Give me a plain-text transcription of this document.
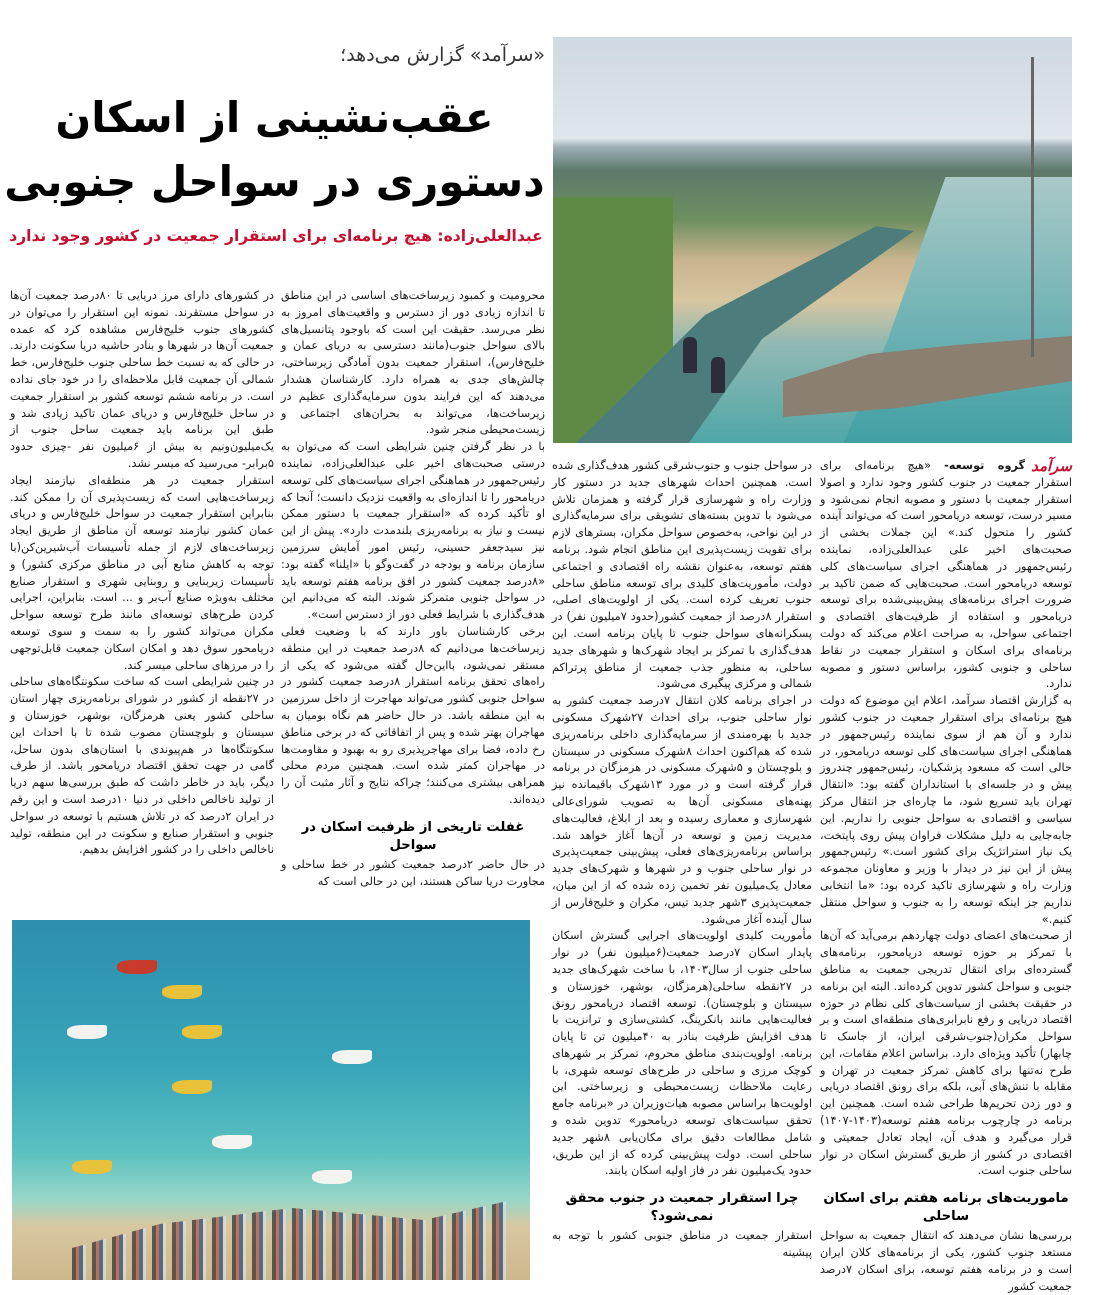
«سرآمد» گزارش می‌دهد؛
عقب‌نشینی از اسکان
دستوری در سواحل جنوبی
عبدالعلی‌زاده: هیچ برنامه‌ای برای استقرار جمعیت در کشور وجود ندارد

در کشورهای دارای مرز دریایی تا ۸۰درصد جمعیت آن‌ها در سواحل مستقرند. نمونه این استقرار را می‌توان در کشورهای جنوب خلیج‌فارس مشاهده کرد که عمده جمعیت آن‌ها در شهرها و بنادر حاشیه دریا سکونت دارند. در حالی که به نسبت خط ساحلی جنوب خلیج‌فارس، خط شمالی آن جمعیت قابل ملاحظه‌ای را در خود جای نداده است. در برنامه ششم توسعه کشور بر استقرار جمعیت در ساحل خلیج‌فارس و دریای عمان تاکید زیادی شد و طبق این برنامه باید جمعیت ساحل جنوب از یک‌میلیون‌ونیم به بیش از ۶میلیون نفر -چیزی حدود ۵برابر- می‌رسید که میسر نشد.

استقرار جمعیت در هر منطقه‌ای نیازمند ایجاد زیرساخت‌هایی است که زیست‌پذیری آن را ممکن کند. بنابراین استقرار جمعیت در سواحل خلیج‌فارس و دریای عمان کشور نیازمند توسعه آن مناطق از طریق ایجاد زیرساخت‌های لازم از جمله تأسیسات آب‌شیرین‌کن(با توجه به کاهش منابع آبی در مناطق مرکزی کشور) و تأسیسات زیربنایی و روبنایی شهری و استقرار صنایع مختلف به‌ویژه صنایع آب‌بر و ... است. بنابراین، اجرایی کردن طرح‌های توسعه‌ای مانند طرح توسعه سواحل مکران می‌تواند کشور را به سمت و سوی توسعه دریامحور سوق دهد و امکان اسکان جمعیت قابل‌توجهی را در مرزهای ساحلی میسر کند.

در چنین شرایطی است که ساخت سکونتگاه‌های ساحلی در ۲۷نقطه از کشور در شورای برنامه‌ریزی چهار استان ساحلی کشور یعنی هرمزگان، بوشهر، خوزستان و سیستان و بلوچستان مصوب شده تا با احداث این سکونتگاه‌ها در هم‌پیوندی با استان‌های بدون ساحل، گامی در جهت تحقق اقتصاد دریامحور باشد. از طرف دیگر، باید در خاطر داشت که طبق بررسی‌ها سهم دریا از تولید ناخالص داخلی در دنیا ۱۰درصد است و این رقم در ایران ۲درصد که در تلاش هستیم با توسعه در سواحل جنوبی و استقرار صنایع و سکونت در این منطقه، تولید ناخالص داخلی را در کشور افزایش بدهیم.

محرومیت و کمبود زیرساخت‌های اساسی در این مناطق تا اندازه زیادی دور از دسترس و واقعیت‌های امروز به نظر می‌رسد. حقیقت این است که باوجود پتانسیل‌های بالای سواحل جنوب(مانند دسترسی به دریای عمان و خلیج‌فارس)، استقرار جمعیت بدون آمادگی زیرساختی، چالش‌های جدی به همراه دارد. کارشناسان هشدار می‌دهند که این فرایند بدون سرمایه‌گذاری عظیم در زیرساخت‌ها، می‌تواند به بحران‌های اجتماعی و زیست‌محیطی منجر شود.

با در نظر گرفتن چنین شرایطی است که می‌توان به درستی صحبت‌های اخیر علی عبدالعلی‌زاده، نماینده رئیس‌جمهور در هماهنگی اجرای سیاست‌های کلی توسعه دریامحور را تا اندازه‌ای به واقعیت نزدیک دانست؛ آنجا که او تأکید کرده که «استقرار جمعیت با دستور ممکن نیست و نیاز به برنامه‌ریزی بلندمدت دارد». پیش از این نیز سیدجعفر حسینی، رئیس امور آمایش سرزمین سازمان برنامه و بودجه در گفت‌وگو با «ایلنا» گفته بود: «۸درصد جمعیت کشور در افق برنامه هفتم توسعه باید در سواحل جنوبی متمرکز شوند. البته که می‌دانیم این هدف‌گذاری با شرایط فعلی دور از دسترس است».

برخی کارشناسان باور دارند که با وضعیت فعلی زیرساخت‌ها می‌دانیم که ۸درصد جمعیت در این منطقه مستقر نمی‌شود، بااین‌حال گفته می‌شود که یکی از راه‌های تحقق برنامه استقرار ۸درصد جمعیت کشور در سواحل جنوبی کشور می‌تواند مهاجرت از داخل سرزمین به این منطقه باشد. در حال حاضر هم نگاه بومیان به مهاجران بهتر شده و پس از اتفاقاتی که در برخی مناطق رخ داده، فضا برای مهاجرپذیری رو به بهبود و مقاومت‌ها در مهاجران کمتر شده است. همچنین مردم محلی همراهی بیشتری می‌کنند؛ چراکه نتایج و آثار مثبت آن را دیده‌اند.

غفلت تاریخی از ظرفیت اسکان در سواحل

در حال حاضر ۲درصد جمعیت کشور در خط ساحلی و مجاورت دریا ساکن هستند، این در حالی است که

در سواحل جنوب و جنوب‌شرقی کشور هدف‌گذاری شده است. همچنین احداث شهرهای جدید در دستور کار وزارت راه و شهرسازی قرار گرفته و همزمان تلاش می‌شود با تدوین بسته‌های تشویقی برای سرمایه‌گذاری در این نواحی، به‌خصوص سواحل مکران، بسترهای لازم برای تقویت زیست‌پذیری این مناطق انجام شود. برنامه هفتم توسعه، به‌عنوان نقشه راه اقتصادی و اجتماعی دولت، مأموریت‌های کلیدی برای توسعه مناطق ساحلی جنوب تعریف کرده است. یکی از اولویت‌های اصلی، استقرار ۸درصد از جمعیت کشور(حدود ۷میلیون نفر) در پسکرانه‌های سواحل جنوب تا پایان برنامه است. این هدف‌گذاری با تمرکز بر ایجاد شهرک‌ها و شهرهای جدید ساحلی، به منظور جذب جمعیت از مناطق پرتراکم شمالی و مرکزی پیگیری می‌شود.

در اجرای برنامه کلان انتقال ۷درصد جمعیت کشور به نوار ساحلی جنوب، برای احداث ۲۷شهرک مسکونی جدید با بهره‌مندی از سرمایه‌گذاری داخلی برنامه‌ریزی شده که هم‌اکنون احداث ۸شهرک مسکونی در سیستان و بلوچستان و ۵شهرک مسکونی در هرمزگان در برنامه قرار گرفته است و در مورد ۱۳شهرک باقیمانده نیز پهنه‌های مسکونی آن‌ها به تصویب شورای‌عالی شهرسازی و معماری رسیده و بعد از ابلاغ، فعالیت‌های مدیریت زمین و توسعه در آن‌ها آغاز خواهد شد. براساس برنامه‌ریزی‌های فعلی، پیش‌بینی جمعیت‌پذیری در نوار ساحلی جنوب و در شهرها و شهرک‌های جدید معادل یک‌میلیون نفر تخمین زده شده که از این میان، جمعیت‌پذیری ۳شهر جدید تیس، مکران و خلیج‌فارس از سال آینده آغاز می‌شود.

مأموریت کلیدی اولویت‌های اجرایی گسترش اسکان پایدار اسکان ۷درصد جمعیت(۶میلیون نفر) در نوار ساحلی جنوب از سال۱۴۰۳، با ساخت شهرک‌های جدید در ۲۷نقطه ساحلی(هرمزگان، بوشهر، خوزستان و سیستان و بلوچستان). توسعه اقتصاد دریامحور رونق فعالیت‌هایی مانند بانکرینگ، کشتی‌سازی و ترانزیت با هدف افزایش ظرفیت بنادر به ۴۰میلیون تن تا پایان برنامه. اولویت‌بندی مناطق محروم، تمرکز بر شهرهای کوچک مرزی و ساحلی در طرح‌های توسعه شهری، با رعایت ملاحظات زیست‌محیطی و زیرساختی. این اولویت‌ها براساس مصوبه هیات‌وزیران در «برنامه جامع تحقق سیاست‌های توسعه دریامحور» تدوین شده و شامل مطالعات دقیق برای مکان‌یابی ۸شهر جدید ساحلی است. دولت پیش‌بینی کرده که از این طریق، حدود یک‌میلیون نفر در فاز اولیه اسکان یابند.

چرا استقرار جمعیت در جنوب محقق نمی‌شود؟

استقرار جمعیت در مناطق جنوبی کشور با توجه به پیشینه

سرآمد
گروه توسعه- «هیچ برنامه‌ای برای استقرار جمعیت در جنوب کشور وجود ندارد و اصولا استقرار جمعیت با دستور و مصوبه انجام نمی‌شود و مسیر درست، توسعه دریامحور است که می‌تواند آینده کشور را متحول کند.» این جملات بخشی از صحبت‌های اخیر علی عبدالعلی‌زاده، نماینده رئیس‌جمهور در هماهنگی اجرای سیاست‌های کلی توسعه دریامحور است. صحبت‌هایی که ضمن تاکید بر ضرورت اجرای برنامه‌های پیش‌بینی‌شده برای توسعه دریامحور و استفاده از ظرفیت‌های اقتصادی و اجتماعی سواحل، به صراحت اعلام می‌کند که دولت برنامه‌ای برای اسکان و استقرار جمعیت در نقاط ساحلی و جنوبی کشور، براساس دستور و مصوبه ندارد.

به گزارش اقتصاد سرآمد، اعلام این موضوع که دولت هیچ برنامه‌ای برای استقرار جمعیت در جنوب کشور ندارد و آن هم از سوی نماینده رئیس‌جمهور در هماهنگی اجرای سیاست‌های کلی توسعه دریامحور، در حالی است که مسعود پزشکیان، رئیس‌جمهور چندروز پیش و در جلسه‌ای با استانداران گفته بود: «انتقال تهران باید تسریع شود، ما چاره‌ای جز انتقال مرکز سیاسی و اقتصادی به سواحل جنوبی را نداریم. این جابه‌جایی به دلیل مشکلات فراوان پیش روی پایتخت، یک نیاز استراتژیک برای کشور است.» رئیس‌جمهور پیش از این نیز در دیدار با وزیر و معاونان مجموعه وزارت راه و شهرسازی تاکید کرده بود: «ما انتخابی نداریم جز اینکه توسعه را به جنوب و سواحل منتقل کنیم.»

از صحبت‌های اعضای دولت چهاردهم برمی‌آید که آن‌ها با تمرکز بر حوزه توسعه دریامحور، برنامه‌های گسترده‌ای برای انتقال تدریجی جمعیت به مناطق جنوبی و سواحل کشور تدوین کرده‌اند. البته این برنامه در حقیقت بخشی از سیاست‌های کلی نظام در حوزه اقتصاد دریایی و رفع نابرابری‌های منطقه‌ای است و بر سواحل مکران(جنوب‌شرقی ایران، از جاسک تا چابهار) تأکید ویژه‌ای دارد. براساس اعلام مقامات، این طرح نه‌تنها برای کاهش تمرکز جمعیت در تهران و مقابله با تنش‌های آبی، بلکه برای رونق اقتصاد دریایی و دور زدن تحریم‌ها طراحی شده است. همچنین این برنامه در چارچوب برنامه هفتم توسعه(۱۴۰۳-۱۴۰۷) قرار می‌گیرد و هدف آن، ایجاد تعادل جمعیتی و اقتصادی در کشور از طریق گسترش اسکان در نوار ساحلی جنوب است.

ماموریت‌های برنامه هفتم برای اسکان ساحلی

بررسی‌ها نشان می‌دهند که انتقال جمعیت به سواحل مستعد جنوب کشور، یکی از برنامه‌های کلان ایران است و در برنامه هفتم توسعه، برای اسکان ۷درصد جمعیت کشور
